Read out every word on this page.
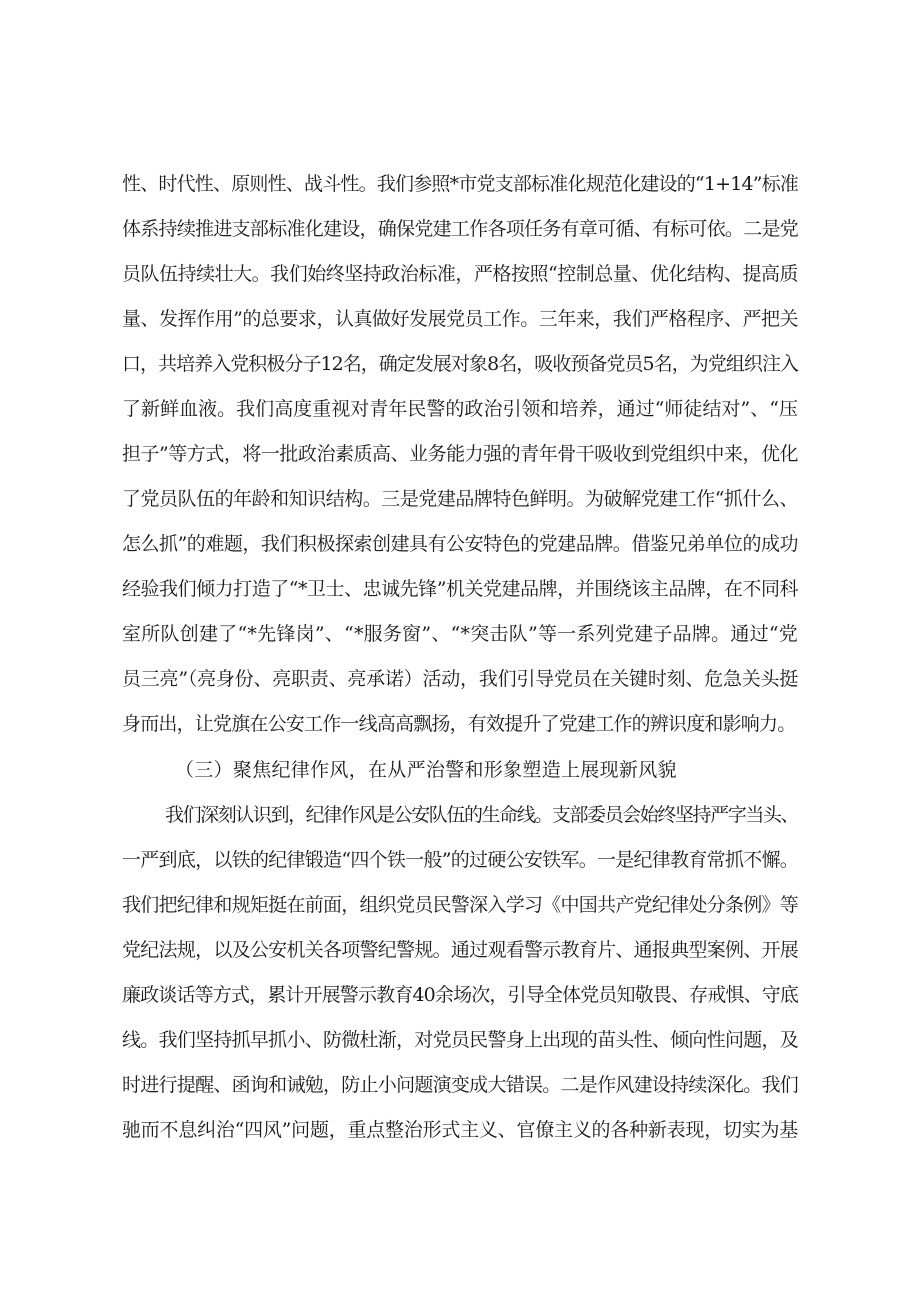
性、时代性、原则性、战斗性。我们参照*市党支部标准化规范化建设的“1+14”标准
体系持续推进支部标准化建设，确保党建工作各项任务有章可循、有标可依。二是党
员队伍持续壮大。我们始终坚持政治标准，严格按照“控制总量、优化结构、提高质
量、发挥作用”的总要求，认真做好发展党员工作。三年来，我们严格程序、严把关
口，共培养入党积极分子12名，确定发展对象8名，吸收预备党员5名，为党组织注入
了新鲜血液。我们高度重视对青年民警的政治引领和培养，通过“师徒结对”、“压
担子”等方式，将一批政治素质高、业务能力强的青年骨干吸收到党组织中来，优化
了党员队伍的年龄和知识结构。三是党建品牌特色鲜明。为破解党建工作“抓什么、
怎么抓”的难题，我们积极探索创建具有公安特色的党建品牌。借鉴兄弟单位的成功
经验我们倾力打造了“*卫士、忠诚先锋”机关党建品牌，并围绕该主品牌，在不同科
室所队创建了“*先锋岗”、“*服务窗”、“*突击队”等一系列党建子品牌。通过“党
员三亮”（亮身份、亮职责、亮承诺）活动，我们引导党员在关键时刻、危急关头挺
身而出，让党旗在公安工作一线高高飘扬，有效提升了党建工作的辨识度和影响力。
（三）聚焦纪律作风，在从严治警和形象塑造上展现新风貌
我们深刻认识到，纪律作风是公安队伍的生命线。支部委员会始终坚持严字当头、
一严到底，以铁的纪律锻造“四个铁一般”的过硬公安铁军。一是纪律教育常抓不懈。
我们把纪律和规矩挺在前面，组织党员民警深入学习《中国共产党纪律处分条例》等
党纪法规，以及公安机关各项警纪警规。通过观看警示教育片、通报典型案例、开展
廉政谈话等方式，累计开展警示教育40余场次，引导全体党员知敬畏、存戒惧、守底
线。我们坚持抓早抓小、防微杜渐，对党员民警身上出现的苗头性、倾向性问题，及
时进行提醒、函询和诫勉，防止小问题演变成大错误。二是作风建设持续深化。我们
驰而不息纠治“四风”问题，重点整治形式主义、官僚主义的各种新表现，切实为基
